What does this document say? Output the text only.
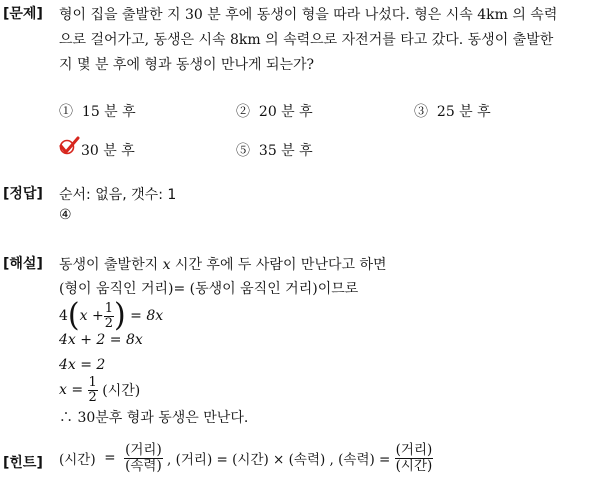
[문제] 형이 집을 출발한 지 30 분 후에 동생이 형을 따라 나섰다. 형은 시속 4km 의 속력
으로 걸어가고, 동생은 시속 8km 의 속력으로 자전거를 타고 갔다. 동생이 출발한
지 몇 분 후에 형과 동생이 만나게 되는가?
① 15 분 후	② 20 분 후	③ 25 분 후
30 분 후	⑤ 35 분 후
[정답] 순서: 없음, 갯수: 1
④
[해설] 동생이 출발한지 x 시간 후에 두 사람이 만난다고 하면
(형이 움직인 거리)= (동생이 움직인 거리)이므로
4 ( $x + \frac{1}{2}$ )
= 8x
4x + 2 = 8x
4x = 2
x =
$\frac{1}{2}$
(시간)
∴ 30분후 형과 동생은 만난다.
[힌트] (시간)
=
$\frac{\text{(거리)}}{\text{(속력)}}$
, (거리) = (시간) × (속력) , (속력) =
$\frac{\text{(거리)}}{\text{(시간)}}$
